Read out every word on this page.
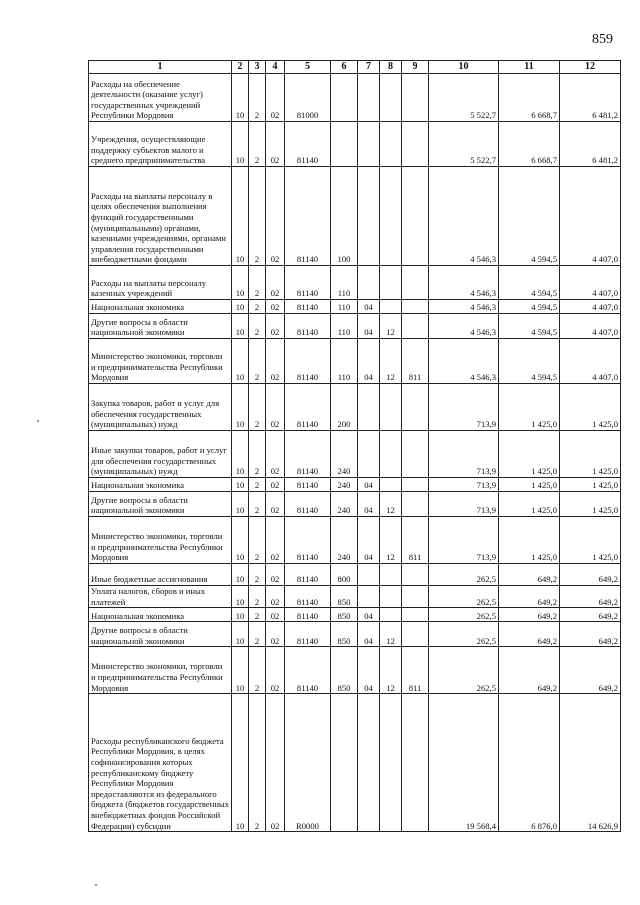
859
1	2	3	4	5	6	7	8	9	10	11	12
Расходы на обеспечение деятельности (оказание услуг) государственных учреждений Республики Мордовия	10	2	02	81000					5 522,7	6 668,7	6 481,2
Учреждения, осуществляющие поддержку субъектов малого и среднего предпринимательства	10	2	02	81140					5 522,7	6 668,7	6 481,2
Расходы на выплаты персоналу в целях обеспечения выполнения функций государственными (муниципальными) органами, казенными учреждениями, органами управления государственными внебюджетными фондами	10	2	02	81140	100				4 546,3	4 594,5	4 407,0
Расходы на выплаты персоналу казенных учреждений	10	2	02	81140	110				4 546,3	4 594,5	4 407,0
Национальная экономика	10	2	02	81140	110	04			4 546,3	4 594,5	4 407,0
Другие вопросы в области национальной экономики	10	2	02	81140	110	04	12		4 546,3	4 594,5	4 407,0
Министерство экономики, торговли и предпринимательства Республики Мордовия	10	2	02	81140	110	04	12	811	4 546,3	4 594,5	4 407,0
Закупка товаров, работ и услуг для обеспечения государственных (муниципальных) нужд	10	2	02	81140	200				713,9	1 425,0	1 425,0
Иные закупки товаров, работ и услуг для обеспечения государственных (муниципальных) нужд	10	2	02	81140	240				713,9	1 425,0	1 425,0
Национальная экономика	10	2	02	81140	240	04			713,9	1 425,0	1 425,0
Другие вопросы в области национальной экономики	10	2	02	81140	240	04	12		713,9	1 425,0	1 425,0
Министерство экономики, торговли и предпринимательства Республики Мордовия	10	2	02	81140	240	04	12	811	713,9	1 425,0	1 425,0
Иные бюджетные ассигнования	10	2	02	81140	800				262,5	649,2	649,2
Уплата налогов, сборов и иных платежей	10	2	02	81140	850				262,5	649,2	649,2
Национальная экономика	10	2	02	81140	850	04			262,5	649,2	649,2
Другие вопросы в области национальной экономики	10	2	02	81140	850	04	12		262,5	649,2	649,2
Министерство экономики, торговли и предпринимательства Республики Мордовия	10	2	02	81140	850	04	12	811	262,5	649,2	649,2
Расходы республиканского бюджета Республики Мордовия, в целях софинансирования которых республиканскому бюджету Республики Мордовия предоставляются из федерального бюджета (бюджетов государственных внебюджетных фондов Российской Федерации) субсидии	10	2	02	R0000					19 568,4	6 876,0	14 626,9
